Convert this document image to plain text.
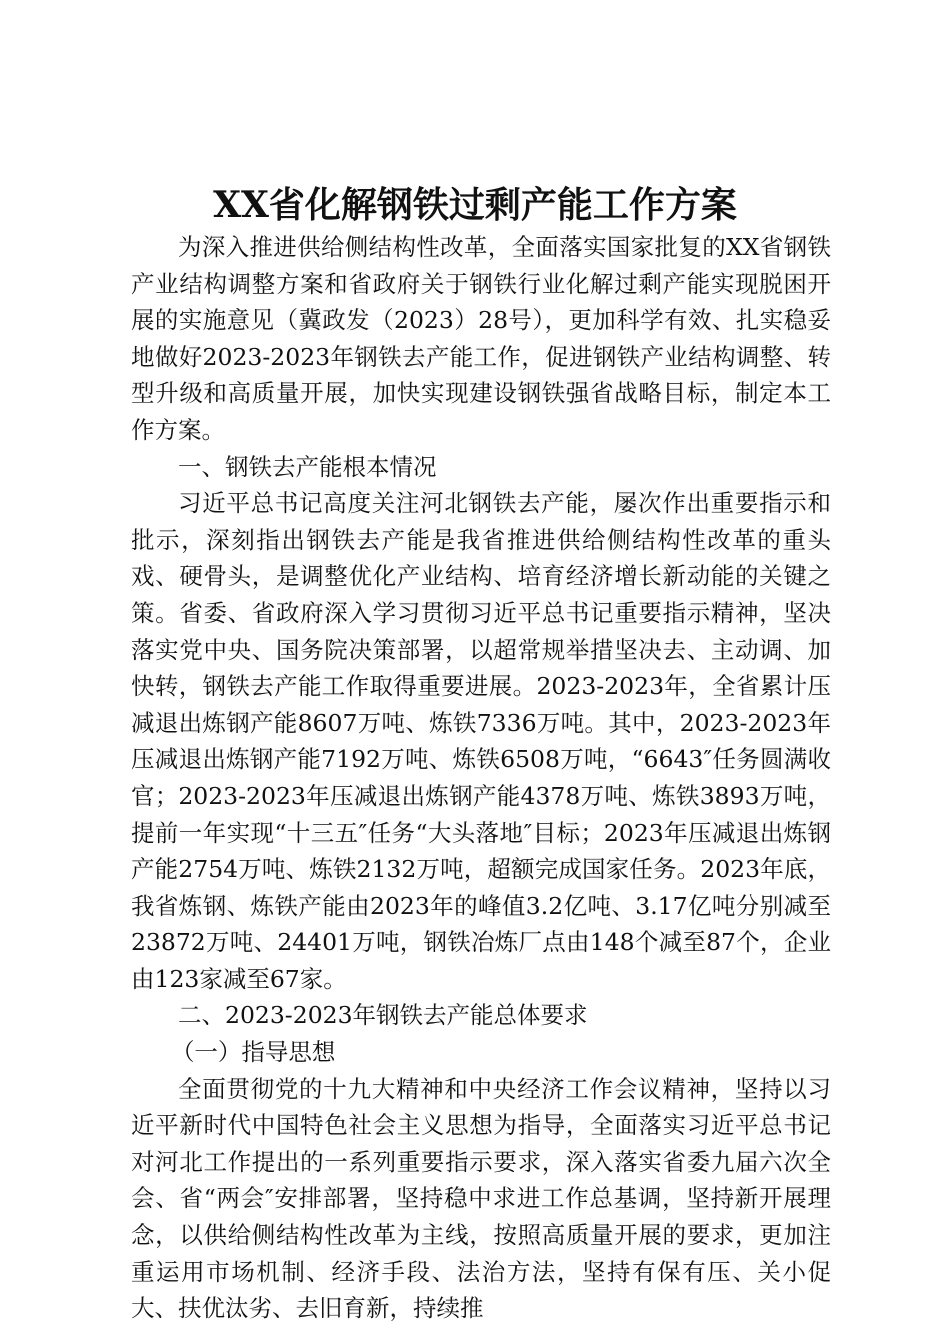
XX省化解钢铁过剩产能工作方案

为深入推进供给侧结构性改革，全面落实国家批复的XX省钢铁产业结构调整方案和省政府关于钢铁行业化解过剩产能实现脱困开展的实施意见（冀政发（2023）28号），更加科学有效、扎实稳妥地做好2023-2023年钢铁去产能工作，促进钢铁产业结构调整、转型升级和高质量开展，加快实现建设钢铁强省战略目标，制定本工作方案。

一、钢铁去产能根本情况

习近平总书记高度关注河北钢铁去产能，屡次作出重要指示和批示，深刻指出钢铁去产能是我省推进供给侧结构性改革的重头戏、硬骨头，是调整优化产业结构、培育经济增长新动能的关键之策。省委、省政府深入学习贯彻习近平总书记重要指示精神，坚决落实党中央、国务院决策部署，以超常规举措坚决去、主动调、加快转，钢铁去产能工作取得重要进展。2023-2023年，全省累计压减退出炼钢产能8607万吨、炼铁7336万吨。其中，2023-2023年压减退出炼钢产能7192万吨、炼铁6508万吨，“6643″任务圆满收官；2023-2023年压减退出炼钢产能4378万吨、炼铁3893万吨，提前一年实现“十三五″任务“大头落地″目标；2023年压减退出炼钢产能2754万吨、炼铁2132万吨，超额完成国家任务。2023年底，我省炼钢、炼铁产能由2023年的峰值3.2亿吨、3.17亿吨分别减至23872万吨、24401万吨，钢铁冶炼厂点由148个减至87个，企业由123家减至67家。

二、2023-2023年钢铁去产能总体要求

（一）指导思想

全面贯彻党的十九大精神和中央经济工作会议精神，坚持以习近平新时代中国特色社会主义思想为指导，全面落实习近平总书记对河北工作提出的一系列重要指示要求，深入落实省委九届六次全会、省“两会″安排部署，坚持稳中求进工作总基调，坚持新开展理念，以供给侧结构性改革为主线，按照高质量开展的要求，更加注重运用市场机制、经济手段、法治方法，坚持有保有压、关小促大、扶优汰劣、去旧育新，持续推
